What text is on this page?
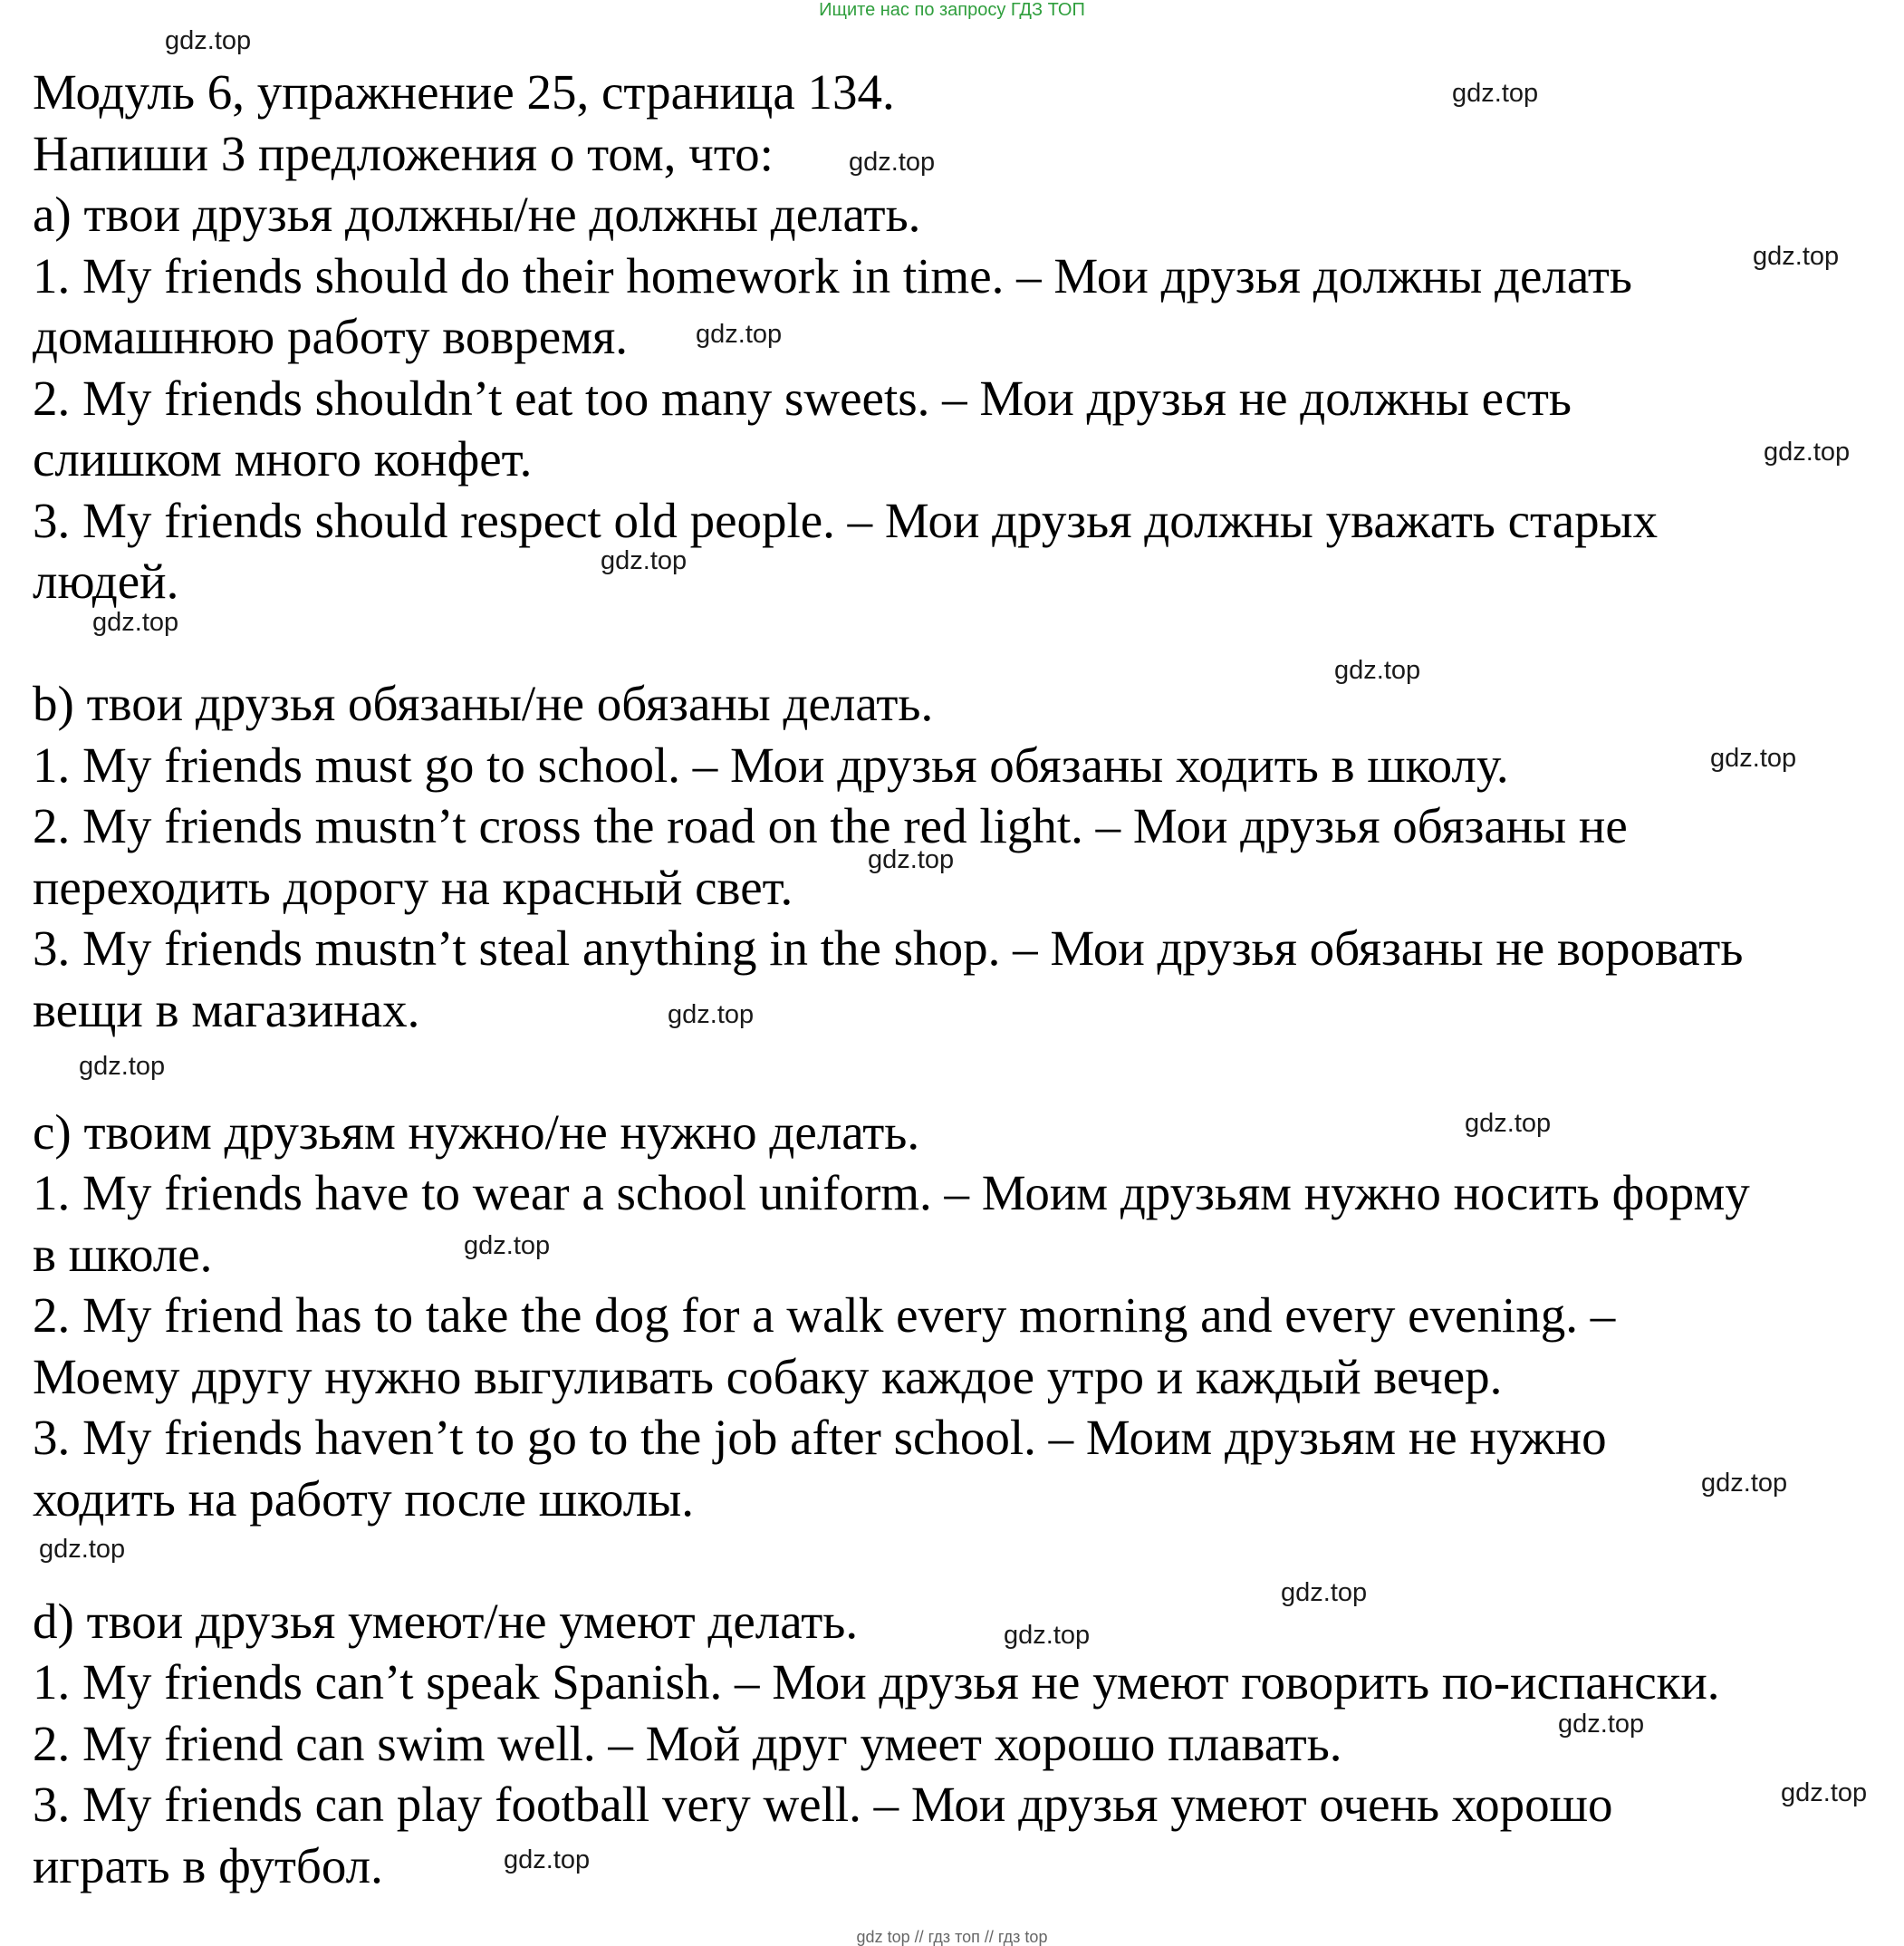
Ищите нас по запросу ГДЗ ТОП
Модуль 6, упражнение 25, страница 134.
Напиши 3 предложения о том, что:
a) твои друзья должны/не должны делать.
1. My friends should do their homework in time. – Мои друзья должны делать
домашнюю работу вовремя.
2. My friends shouldn’t eat too many sweets. – Мои друзья не должны есть
слишком много конфет.
3. My friends should respect old people. – Мои друзья должны уважать старых
людей.
b) твои друзья обязаны/не обязаны делать.
1. My friends must go to school. – Мои друзья обязаны ходить в школу.
2. My friends mustn’t cross the road on the red light. – Мои друзья обязаны не
переходить дорогу на красный свет.
3. My friends mustn’t steal anything in the shop. – Мои друзья обязаны не воровать
вещи в магазинах.
c) твоим друзьям нужно/не нужно делать.
1. My friends have to wear a school uniform. – Моим друзьям нужно носить форму
в школе.
2. My friend has to take the dog for a walk every morning and every evening. –
Моему другу нужно выгуливать собаку каждое утро и каждый вечер.
3. My friends haven’t to go to the job after school. – Моим друзьям не нужно
ходить на работу после школы.
d) твои друзья умеют/не умеют делать.
1. My friends can’t speak Spanish. – Мои друзья не умеют говорить по-испански.
2. My friend can swim well. – Мой друг умеет хорошо плавать.
3. My friends can play football very well. – Мои друзья умеют очень хорошо
играть в футбол.
gdz.top
gdz.top
gdz.top
gdz.top
gdz.top
gdz.top
gdz.top
gdz.top
gdz.top
gdz.top
gdz.top
gdz.top
gdz.top
gdz.top
gdz.top
gdz.top
gdz.top
gdz.top
gdz.top
gdz.top
gdz.top
gdz.top
gdz top // гдз топ // гдз top
